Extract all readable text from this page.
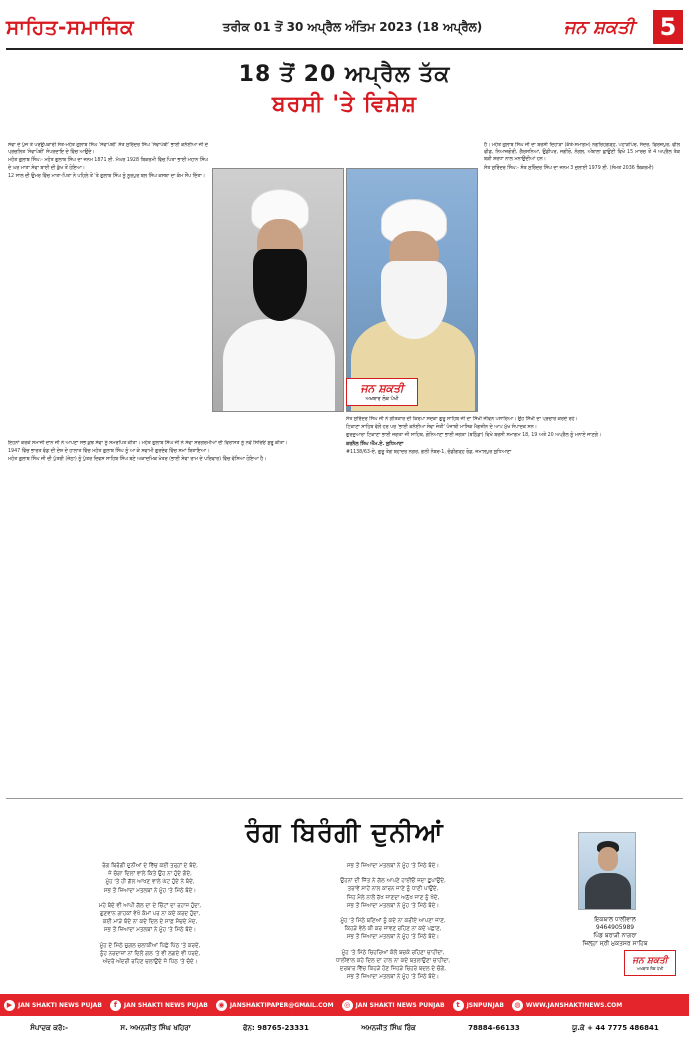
ਸਾਹਿਤ-ਸਮਾਜਿਕ	ਤਰੀਕ 01 ਤੋਂ 30 ਅਪ੍ਰੈਲ ਅੰਤਿਮ 2023 (18 ਅਪ੍ਰੈਲ)	ਜਨ ਸ਼ਕਤੀ	5
18 ਤੋਂ 20 ਅਪ੍ਰੈਲ ਤੱਕ
ਬਰਸੀ 'ਤੇ ਵਿਸ਼ੇਸ਼

ਸੇਵਾ ਦੇ ਪੁੰਜ ਤੇ ਪਰਉਪਕਾਰੀ ਸੰਤ-ਮਹੰਤ ਗੁਲਾਬ ਸਿੰਘ 'ਸੇਵਾਪੰਥੀ' ਸੰਤ ਸੁਰਿੰਦਰ ਸਿੰਘ 'ਸੇਵਾਪੰਥੀ' ਭਾਈ ਕਨੱਈਆ ਜੀ ਦੇ ਪ੍ਰਚਲਿਤ 'ਸੇਵਾਪੰਥੀ' ਸੰਪਰਦਾਇ ਦੇ ਵਿੱਚ ਆਉਂਦੇ।

ਮਹੰਤ ਗੁਲਾਬ ਸਿੰਘ:- ਮਹੰਤ ਗੁਲਾਬ ਸਿੰਘ ਦਾ ਜਨਮ 1871 ਈ. ਮੱਘਰ 1928 ਬਿਕਰਮੀ ਵਿੱਚ ਪਿਤਾ ਭਾਈ ਮਹਾਨ ਸਿੰਘ ਦੇ ਘਰ ਮਾਤਾ ਸੇਵਾ ਬਾਈ ਦੀ ਕੁੱਖ ਤੋਂ ਹੋਇਆ।

12 ਸਾਲ ਦੀ ਉਮਰ ਵਿੱਚ ਮਾਤਾ-ਪਿਤਾ ਨੇ ਪਹਿਲੇ ਤੋਂ 'ਤੇ ਗੁਲਾਬ ਸਿੰਘ ਨੂੰ ਨੂਰਪੁਰ ਬਲ ਸਿੰਘ ਕਸਬਾ ਦਾ ਕੰਮ ਸੌਂਪ ਦਿੱਤਾ।

ਹੈ। ਮਹੰਤ ਗੁਲਾਬ ਸਿੰਘ ਜੀ ਦਾ ਬਰਸੀ ਦਿਹਾੜਾ (ਕੱਤੇ-ਸਮਾਗਮ) ਨਗਰਿਹਗੜ੍ਹ, ਪਹਾੜਪਿਰ, ਸੰਦੋਰ, ਫਿਰੋਜ਼ਪੁਰ, ਫੀਲ ਫੀਡ, ਨਿਆਜ਼ਗੋਰੀ, ਗੈਰਸਨਿਆਂ, ਉਡੀਪਰ, ਜਗੀਰੋ, ਨੰਗਲ, ਅੰਬਾਲਾ ਛਾਉਣੀ ਵਿਖੇ 15 ਮਾਰਚ ਤੋਂ 4 ਅਪ੍ਰੈਲ ਤੱਕ ਬੜੀ ਸ਼ਰਧਾ ਨਾਲ ਮਨਾਉਂਦੀਆਂ ਹਨ।

ਸੰਤ ਸੁਰਿੰਦਰ ਸਿੰਘ:- ਸੰਤ ਸੁਰਿੰਦਰ ਸਿੰਘ ਦਾ ਜਨਮ 3 ਜੁਲਾਈ 1979 ਈ. (ਸੰਮਤ 2036 ਬਿਕਰਮੀ)

ਇਹਨਾਂ ਕਰਕੇ ਸਮਾਜੀ ਦਾਨ ਜੀ ਨੇ ਆਪਣਾ ਸਭ ਕੁਝ ਸੇਵਾ ਨੂੰ ਸਮਰਪਿਤ ਕੀਤਾ। ਮਹੰਤ ਗੁਲਾਬ ਸਿੰਘ ਜੀ ਨੇ ਸੇਵਾ ਸਰਗਰਮੀਆਂ ਦੀ ਵਿਰਾਸਤ ਨੂੰ ਨਵੇਂ ਸਿਰਿਓਂ ਸ਼ੁਰੂ ਕੀਤਾ।

1947 ਵਿੱਚ ਭਾਰਤ ਵੰਡ ਦੀ ਦੇਸ਼ ਦੇ ਹਾਲਾਤ ਵਿੱਚ ਮਹੰਤ ਗੁਲਾਬ ਸਿੰਘ ਨੂੰ ਆ ਕੇ ਸਵਾਮੀ ਗੁਰਦੇਵ ਵਿੱਚ ਸਮਾਂ ਬਿਤਾਇਆ।

ਮਹੰਤ ਗੁਲਾਬ ਸਿੰਘ ਜੀ ਦੀ ਪੁੱਤਰੀ (ਜੇਠਾ) ਨੂੰ ਪੁੱਤਰ ਦਿਵਸ ਸਾਹਿਬ ਸਿੰਘ ਬਣੇ ਅਕਾਦਮਿਕ ਖੇਤਰ (ਭਾਈ ਸੇਵਾ ਰਾਮ ਦੇ ਪਰਿਵਾਰ) ਵਿੱਚ ਵੱਸਿਆ ਹੋਇਆ ਹੈ।

ਸੰਤ ਸੁਰਿੰਦਰ ਸਿੰਘ ਜੀ ਨੇ ਗੀਤਕਾਰ ਦੀ ਕਿਰਪਾ ਸਦਕਾ ਗੁਰੂ ਸਾਹਿਬ ਜੀ ਦਾ ਸਿੱਖੀ ਜੀਵਨ ਪਸਾਰਿਆ। ਉਹ ਸਿੱਖੀ ਦਾ ਪ੍ਰਚਾਰ ਕਰਦੇ ਰਹੇ।

ਟਿਕਾਣਾ ਸਾਹਿਬ ਵੱਲੋਂ ਹਰ ਪਰ 'ਭਾਈ ਕਨੱਈਆ ਸੇਵਾ ਜੋਤੀ' ਪੰਜਾਬੀ ਮਾਸਿਕ ਮੈਗਜ਼ੀਨ ਦੇ ਆਪ ਮੁੱਖ ਸੰਪਾਦਕ ਸਨ।

ਗੁਰਦੁਆਰਾ ਟਿਕਾਣਾ ਭਾਈ ਜਗਤਾ ਜੀ ਸਾਹਿਬ, ਗੋਨਿਆਣਾ ਭਾਈ ਜਗਤਾ (ਬਠਿੰਡਾ) ਵਿਖੇ ਬਰਸੀ ਸਮਾਗਮ 18, 19 ਅਤੇ 20 ਅਪ੍ਰੈਲ ਨੂੰ ਮਨਾਏ ਜਾਣਗੇ।

ਕਰਨੈਲ ਸਿੰਘ ਐੱਮ.ਏ. ਲੁਧਿਆਣਾ

#1138/63-ਏ, ਗੁਰੂ ਤੇਗ ਬਹਾਦਰ ਨਗਰ, ਗਲੀ ਨੰਬਰ-1, ਚੰਡੀਗੜ੍ਹ ਰੋਡ, ਜਮਾਲਪੁਰ ਲੁਧਿਆਣਾ

ਜਨ ਸ਼ਕਤੀ
ਅਖ਼ਬਾਰ ਲੋਕ ਪੱਖੀ
ਰੰਗ ਬਿਰੰਗੀ ਦੁਨੀਆਂ
ਰੰਗ ਬਿਰੰਗੀ ਦੁਨੀਆਂ ਦੇ ਵਿੱਚ ਕਈ ਤਰ੍ਹਾਂ ਦੇ ਬੰਦੇ,
ਜੇ ਚੰਗਾ ਦਿਲਾਂ ਵਾਲੇ ਕਿਤੇ ਉਹ ਨਾ ਹੁੰਦੇ ਗੰਦੇ,
ਮੂੰਹ 'ਤੇ ਹੀ ਗੱਲ ਆਖਣ ਵਾਲੇ ਘੱਟ ਹੁੰਦੇ ਨੇ ਬੰਦੇ,
ਸਭ ਤੋਂ ਜ਼ਿਆਦਾ ਮਤਲਬਾਂ ਨੇ ਮੂੰਹ 'ਤੇ ਮਿੱਠੇ ਬੰਦੇ।
ਮਹੇ ਬੰਦੇ ਵੀ ਆਪੀ ਗੱਲ ਦਾ ਦੇ ਚਿੰਟਾਂ ਦਾ ਰਹਾਜ ਹੁੰਦਾ,
ਗੁਣਵਾਨ ਗਾਹਕਾਂ ਵੇਖੋ ਕੰਮਾਂ ਪਰ ਨਾ ਕਦੇ ਕਰਦ ਹੁੰਦਾ,
ਕਈ ਮਾੜੇ ਬੰਦੇ ਨਾ ਕਦੇ ਦਿਲ ਦੇ ਸਾਫ਼ ਸੋਚਦੇ ਮੰਦ,
ਸਭ ਤੋਂ ਜ਼ਿਆਦਾ ਮਤਲਬਾਂ ਨੇ ਮੂੰਹ 'ਤੇ ਮਿੱਠੇ ਬੰਦੇ।
ਮੂੰਹ ਦੇ ਮਿੱਠੇ ਚੁਗਲ ਚਲਾਕੀਆਂ ਪਿੱਛੇ ਪਿੱਠ 'ਤੇ ਕਰਦੇ,
ਨੂੰਹ ਨਰਦਾਜ਼ਾਂ ਨਾਂ ਦਿਲੋਂ ਗਲ 'ਤੇ ਵੀ ਲਗਦੇ ਵੀ ਧਰਦੇ,
ਅੰਦਰੋਂ ਅੰਦਰੀ ਰਹਿਣ ਚਲਾਉਂਦੇ ਜੋ ਪਿੱਠ 'ਤੇ ਚੰਦੇ।
ਸਭ ਤੋਂ ਜ਼ਿਆਦਾ ਮਤਲਬਾਂ ਨੇ ਮੂੰਹ 'ਤੇ ਮਿੱਠੇ ਬੰਦੇ।
ਉਹਨਾਂ ਦੀ ਜਿੱਤ ਨੇ ਗੱਲ ਆਪਣੇ ਹਾਈਓਂ ਜਦਾ ਛੁਪਾਉਂਦੇ,
ਤਰਾਵੇਂ ਸਾਹੇਂ ਨਾਲ ਕਾਰਨ ਜਾਣੇ ਨੂੰ ਧਾਣੀ ਪਾਉਂਦੇ,
ਜਿਹ ਮੈਲੇ ਨਾਲੋਂ ਰੱਖ ਜਾਣਦਾ ਅਨੁੱਖ ਜਾਣ ਨੂੰ ਖੰਦੇ,
ਸਭ ਤੋਂ ਜ਼ਿਆਦਾ ਮਤਲਬਾਂ ਨੇ ਮੂੰਹ 'ਤੇ ਮਿੱਠੇ ਬੰਦੇ।
ਮੂੰਹ 'ਤੇ ਮਿੱਠੇ ਬਣਿਆਂ ਨੂੰ ਕਦੇ ਨਾ ਕਰੀਏ ਆਪਣਾ ਜਾਣ,
ਕਿਹੜੇ ਵੇਲੇ ਕੀ ਕਰ ਜਾਵਣ ਰਹਿਣ ਨਾ ਕਦੇ ਪਛਾਣ,
ਸਭ ਤੋਂ ਜ਼ਿਆਦਾ ਮਤਲਬਾਂ ਨੇ ਮੂੰਹ 'ਤੇ ਮਿੱਠੇ ਬੰਦੇ।
ਮੂੰਹ 'ਤੇ ਮਿੱਠੇ ਚਿਹਰਿਆਂ ਕੋਲੋਂ ਬਚਕੇ ਰਹਿਣਾ ਚਾਹੀਦਾ,
ਧਾਲੀਵਾਲ ਕਹੇ ਦਿਲ ਦਾ ਹਾਲ ਨਾ ਕਦੇ ਬਤਲਾਉਣਾ ਚਾਹੀਦਾ,
ਦਰਬਾਰ ਵਿੱਚ ਕਿਹੜੇ ਹੋਣ ਜਿਹੜੇ ਚਿਹਰੇ ਬਦਲ ਦੇ ਚੰਗੇ,
ਸਭ ਤੋਂ ਜ਼ਿਆਦਾ ਮਤਲਬਾਂ ਨੇ ਮੂੰਹ 'ਤੇ ਮਿੱਠੇ ਬੰਦੇ।
ਇਕਬਾਲ ਧਾਲੀਵਾਲ
9464905989
ਪਿੰਡ ਬਰਾੜੀ ਨਾਗਰਾ
ਜ਼ਿਲ੍ਹਾ ਸ੍ਰੀ ਮੁਕਤਸਰ ਸਾਹਿਬ
ਜਨ ਸ਼ਕਤੀ
ਅਖ਼ਬਾਰ ਲੋਕ ਪੱਖੀ
▶ JAN SHAKTI NEWS PUJAB	f	JAN SHAKTI NEWS PUJAB	◉ JANSHAKTIPAPER@GMAIL.COM	◎ JAN SHAKTI NEWS PUNJAB	t	JSNPUNJAB	◍ WWW.JANSHAKTINEWS.COM
ਸੰਪਾਦਕ ਕਰੋ:-	ਸ. ਅਮਨਜੀਤ ਸਿੰਘ ਖਹਿਰਾ	ਫੋਨ: 98765-23331	ਅਮਨਜੀਤ ਸਿੰਘ ਰਿੰਕ	78884-66133	ਯੂ.ਕੇ + 44 7775 486841
